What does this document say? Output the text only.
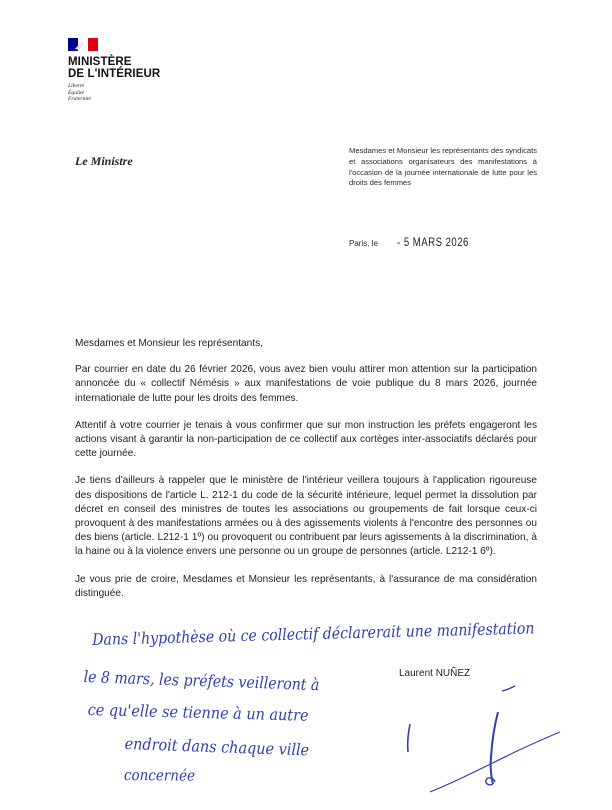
MINISTÈRE
DE L'INTÉRIEUR
Liberté
Égalité
Fraternité
Le Ministre
Mesdames et Monsieur les représentants des syndicats et associations organisateurs des manifestations à l'occasion de la journée internationale de lutte pour les droits des femmes
Paris, le - 5 MARS 2026

Mesdames et Monsieur les représentants,

Par courrier en date du 26 février 2026, vous avez bien voulu attirer mon attention sur la participation annoncée du « collectif Némésis » aux manifestations de voie publique du 8 mars 2026, journée internationale de lutte pour les droits des femmes.

Attentif à votre courrier je tenais à vous confirmer que sur mon instruction les préfets engageront les actions visant à garantir la non-participation de ce collectif aux cortèges inter-associatifs déclarés pour cette journée.

Je tiens d'ailleurs à rappeler que le ministère de l'intérieur veillera toujours à l'application rigoureuse des dispositions de l'article L. 212-1 du code de la sécurité intérieure, lequel permet la dissolution par décret en conseil des ministres de toutes les associations ou groupements de fait lorsque ceux-ci provoquent à des manifestations armées ou à des agissements violents à l'encontre des personnes ou des biens (article. L212-1 1º) ou provoquent ou contribuent par leurs agissements à la discrimination, à la haine ou à la violence envers une personne ou un groupe de personnes (article. L212-1 6º).

Je vous prie de croire, Mesdames et Monsieur les représentants, à l'assurance de ma considération distinguée.

Laurent NUÑEZ
Dans l'hypothèse où ce collectif déclarerait une manifestation
le 8 mars, les préfets veilleront à
ce qu'elle se tienne à un autre
endroit dans chaque ville
concernée
